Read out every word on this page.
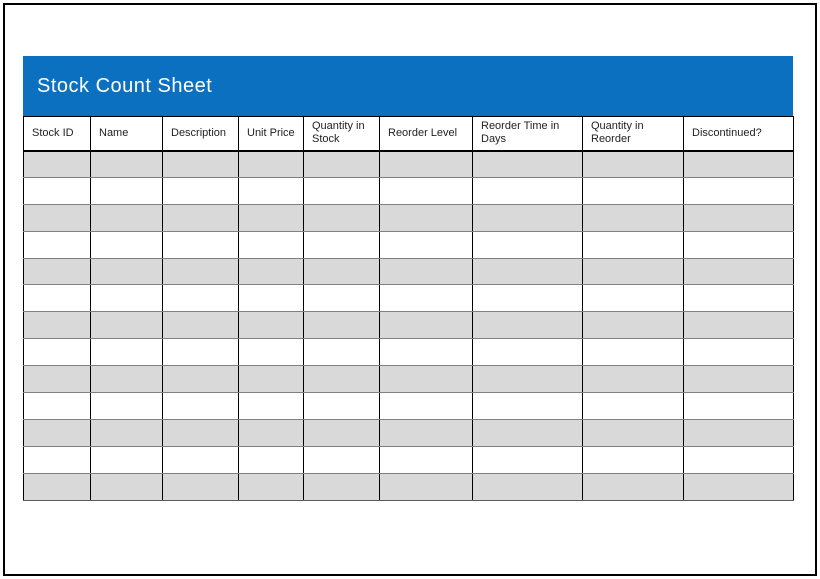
Stock Count Sheet
Stock ID	Name	Description	Unit Price	Quantity in Stock	Reorder Level	Reorder Time in Days	Quantity in Reorder	Discontinued?
